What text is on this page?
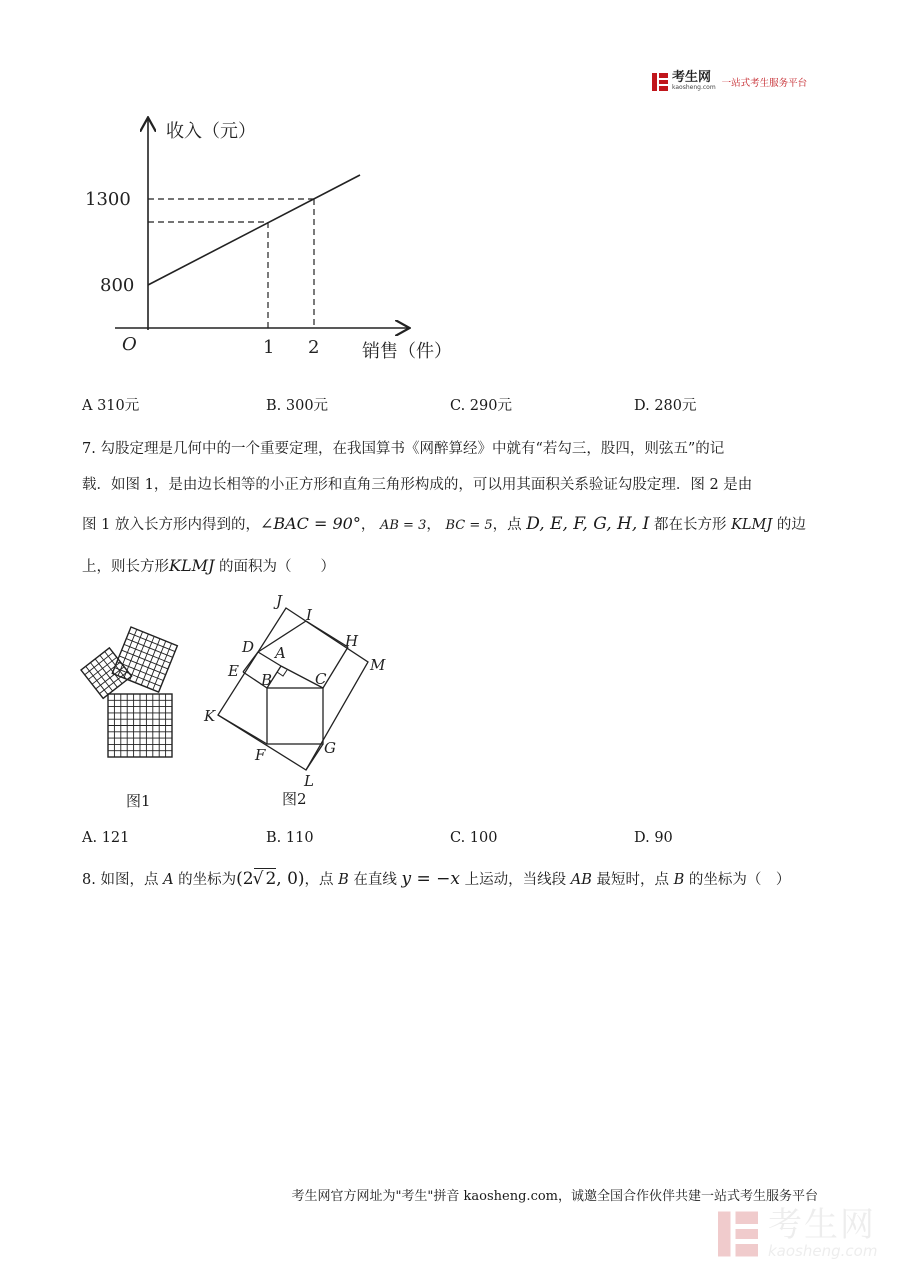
考生网
kaosheng.com 一站式考生服务平台
收入（元）
1300
800
O	1 2 销售（件）
A 310元	B. 300元	C. 290元	D. 280元
7. 勾股定理是几何中的一个重要定理，在我国算书《网醉算经》中就有“若勾三，股四，则弦五”的记
载．如图 1，是由边长相等的小正方形和直角三角形构成的，可以用其面积关系验证勾股定理．图 2 是由
图 1 放入长方形内得到的，∠BAC = 90°， AB = 3， BC = 5，点 D, E, F, G, H, I 都在长方形 KLMJ 的边
上，则长方形KLMJ 的面积为（　　）
图1
J
I
D	H
A
M
E B	C
K
F	G
L
图2
A. 121	B. 110	C. 100	D. 90
8. 如图，点 A 的坐标为(2√ 2, 0)，点 B 在直线 y = −x 上运动，当线段 AB 最短时，点 B 的坐标为（　）
考生网官方网址为"考生"拼音 kaosheng.com，诚邀全国合作伙伴共建一站式考生服务平台
考生网
kaosheng.com
